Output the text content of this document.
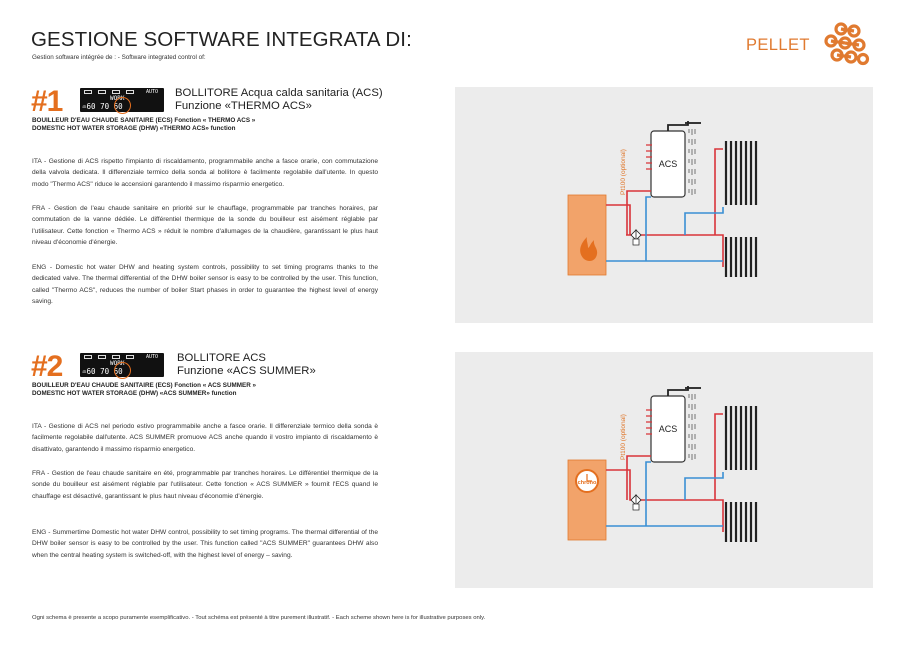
GESTIONE SOFTWARE INTEGRATA DI:
Gestion software intégrée de : - Software integrated control of:
PELLET
#1	AUTO
WORK
♒60 70 60
BOLLITORE Acqua calda sanitaria (ACS)
Funzione «THERMO ACS»
BOUILLEUR D'EAU CHAUDE SANITAIRE (ECS) Fonction « THERMO ACS »
DOMESTIC HOT WATER STORAGE (DHW) «THERMO ACS» function
ITA - Gestione di ACS rispetto l'impianto di riscaldamento, programmabile anche a fasce orarie, con commutazione della valvola dedicata. Il differenziale termico della sonda al bollitore è facilmente regolabile dall'utente. In questo modo "Thermo ACS" riduce le accensioni garantendo il massimo risparmio energetico.
FRA - Gestion de l'eau chaude sanitaire en priorité sur le chauffage, programmable par tranches horaires, par commutation de la vanne dédiée. Le différentiel thermique de la sonde du bouilleur est aisément réglable par l'utilisateur. Cette fonction « Thermo ACS » réduit le nombre d'allumages de la chaudière, garantissant le plus haut niveau d'économie d'énergie.
ENG - Domestic hot water DHW and heating system controls, possibility to set timing programs thanks to the dedicated valve. The thermal differential of the DHW boiler sensor is easy to be controlled by the user. This function, called "Thermo ACS", reduces the number of boiler Start phases in order to guarantee the highest level of energy saving.
ACS
Pt100 (optional)
#2	AUTO
WORK
♒60 70 60
BOLLITORE ACS
Funzione «ACS SUMMER»
BOUILLEUR D'EAU CHAUDE SANITAIRE (ECS) Fonction « ACS SUMMER »
DOMESTIC HOT WATER STORAGE (DHW) «ACS SUMMER» function
ITA - Gestione di ACS nel periodo estivo programmabile anche a fasce orarie. Il differenziale termico della sonda è facilmente regolabile dall'utente. ACS SUMMER promuove ACS anche quando il vostro impianto di riscaldamento è disattivato, garantendo il massimo risparmio energetico.
FRA - Gestion de l'eau chaude sanitaire en été, programmable par tranches horaires. Le différentiel thermique de la sonde du bouilleur est aisément réglable par l'utilisateur. Cette fonction « ACS SUMMER » fournit l'ECS quand le chauffage est désactivé, garantissant le plus haut niveau d'économie d'énergie.
ENG - Summertime Domestic hot water DHW control, possibility to set timing programs. The thermal differential of the DHW boiler sensor is easy to be controlled by the user. This function called "ACS SUMMER" guarantees DHW also when the central heating system is switched-off, with the highest level of energy – saving.
chrono
ACS
Pt100 (optional)
Ogni schema è presente a scopo puramente esemplificativo. - Tout schéma est présenté à titre purement illustratif. - Each scheme shown here is for illustrative purposes only.
